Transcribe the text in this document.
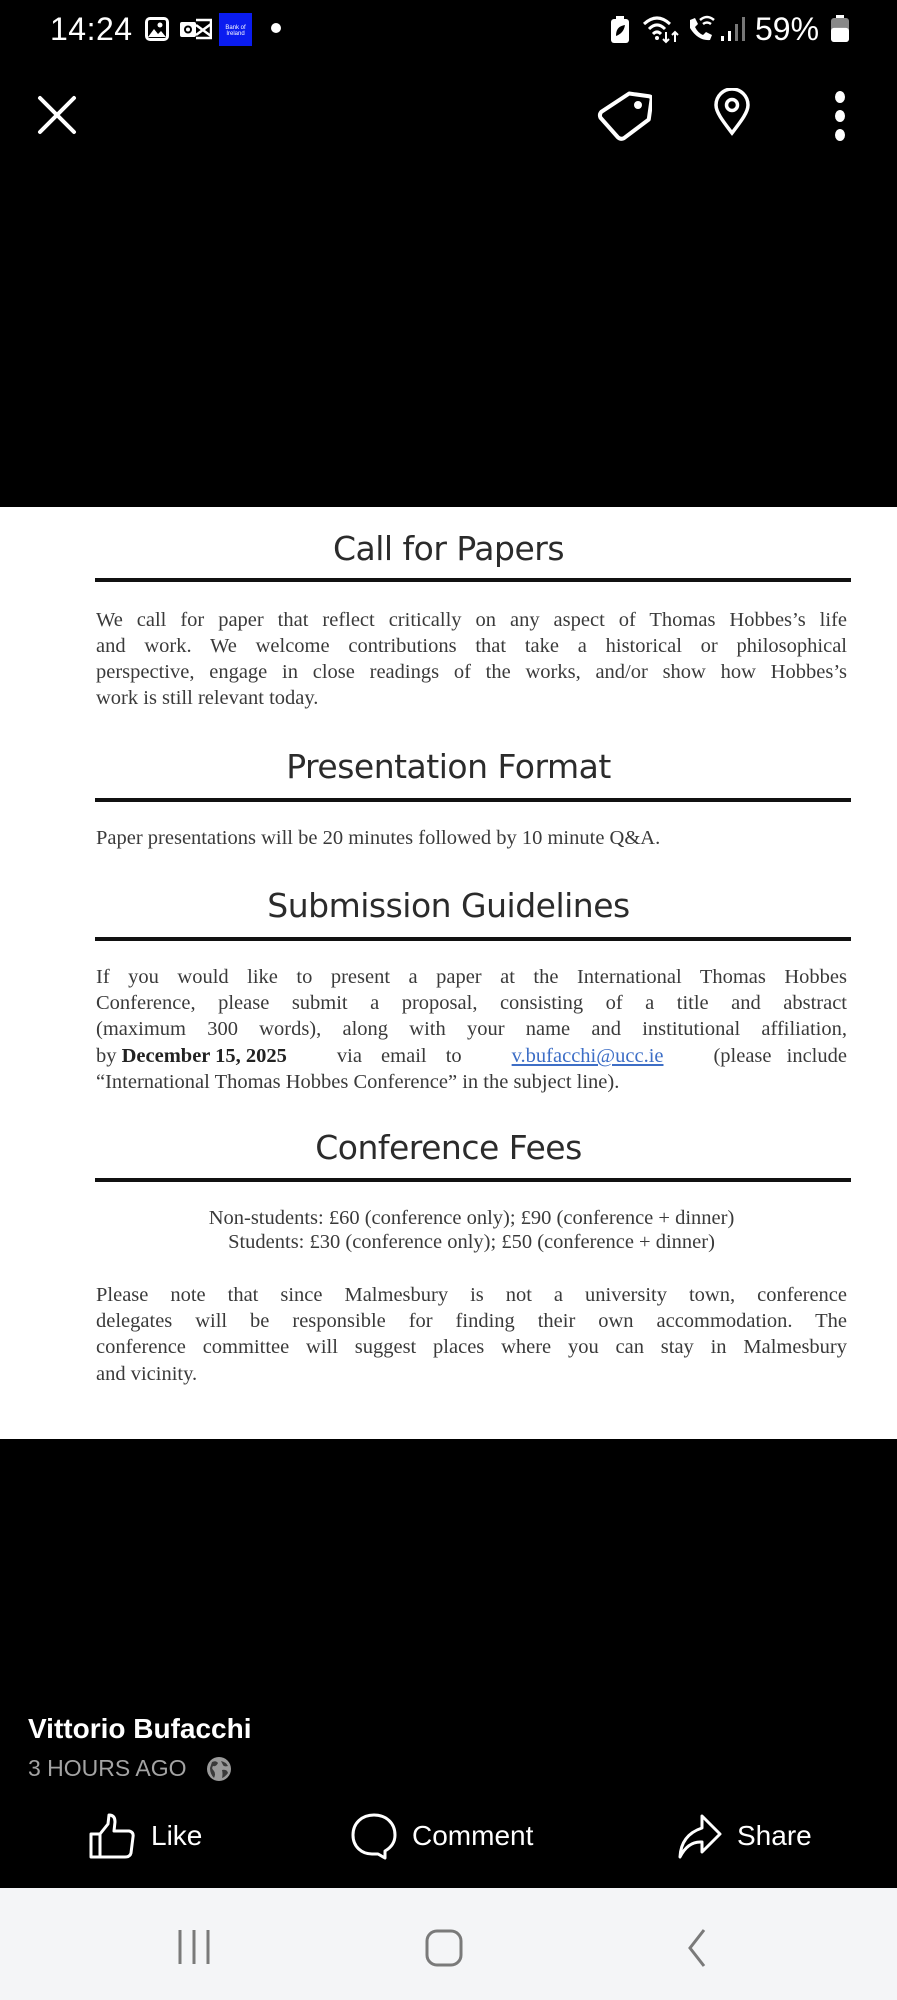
14:24	Bank of Ireland	59%
Call for Papers
We call for paper that reflect critically on any aspect of Thomas Hobbes’s life
and work. We welcome contributions that take a historical or philosophical
perspective, engage in close readings of the works, and/or show how Hobbes’s
work is still relevant today.
Presentation Format
Paper presentations will be 20 minutes followed by 10 minute Q&A.
Submission Guidelines
If you would like to present a paper at the International Thomas Hobbes
Conference, please submit a proposal, consisting of a title and abstract
(maximum 300 words), along with your name and institutional affiliation,
by December 15, 2025 via email to v.bufacchi@ucc.ie (please include
“International Thomas Hobbes Conference” in the subject line).
Conference Fees
Non-students: £60 (conference only); £90 (conference + dinner)
Students: £30 (conference only); £50 (conference + dinner)
Please note that since Malmesbury is not a university town, conference
delegates will be responsible for finding their own accommodation. The
conference committee will suggest places where you can stay in Malmesbury
and vicinity.
Vittorio Bufacchi
3 HOURS AGO
Like	Comment	Share
